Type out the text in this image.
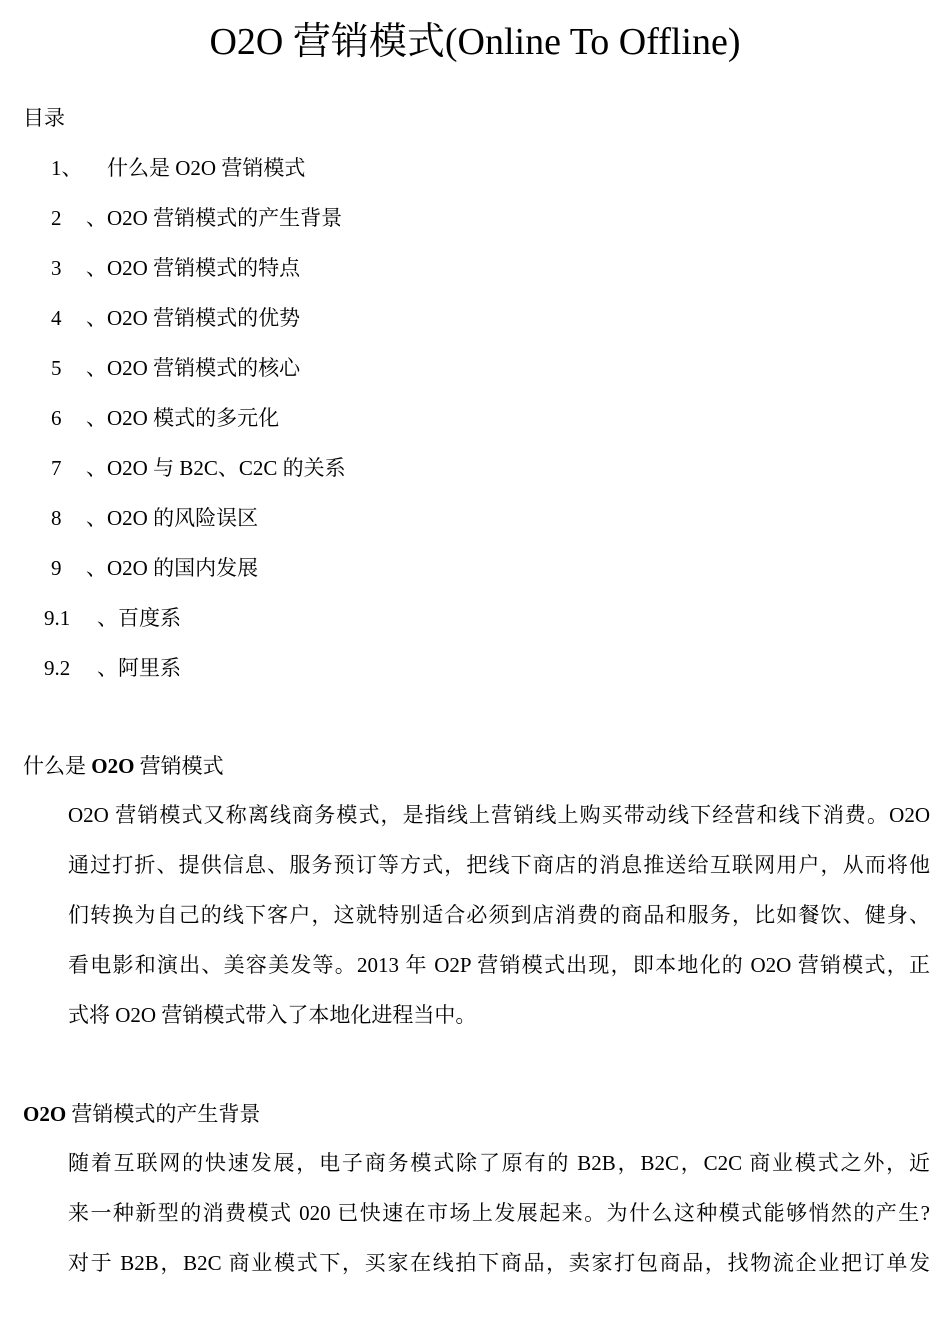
O2O 营销模式(Online To Offline)
目录
1、 什么是 O2O 营销模式
2 、O2O 营销模式的产生背景
3 、O2O 营销模式的特点
4 、O2O 营销模式的优势
5 、O2O 营销模式的核心
6 、O2O 模式的多元化
7 、O2O 与 B2C、C2C 的关系
8 、O2O 的风险误区
9 、O2O 的国内发展
9.1 、百度系
9.2 、阿里系
什么是 O2O 营销模式
O2O 营销模式又称离线商务模式，是指线上营销线上购买带动线下经营和线下消费。O2O
通过打折、提供信息、服务预订等方式，把线下商店的消息推送给互联网用户，从而将他
们转换为自己的线下客户，这就特别适合必须到店消费的商品和服务，比如餐饮、健身、
看电影和演出、美容美发等。2013 年 O2P 营销模式出现，即本地化的 O2O 营销模式，正
式将 O2O 营销模式带入了本地化进程当中。
O2O 营销模式的产生背景
随着互联网的快速发展，电子商务模式除了原有的 B2B，B2C，C2C 商业模式之外，近
来一种新型的消费模式 020 已快速在市场上发展起来。为什么这种模式能够悄然的产生?
对于 B2B，B2C 商业模式下，买家在线拍下商品，卖家打包商品，找物流企业把订单发
